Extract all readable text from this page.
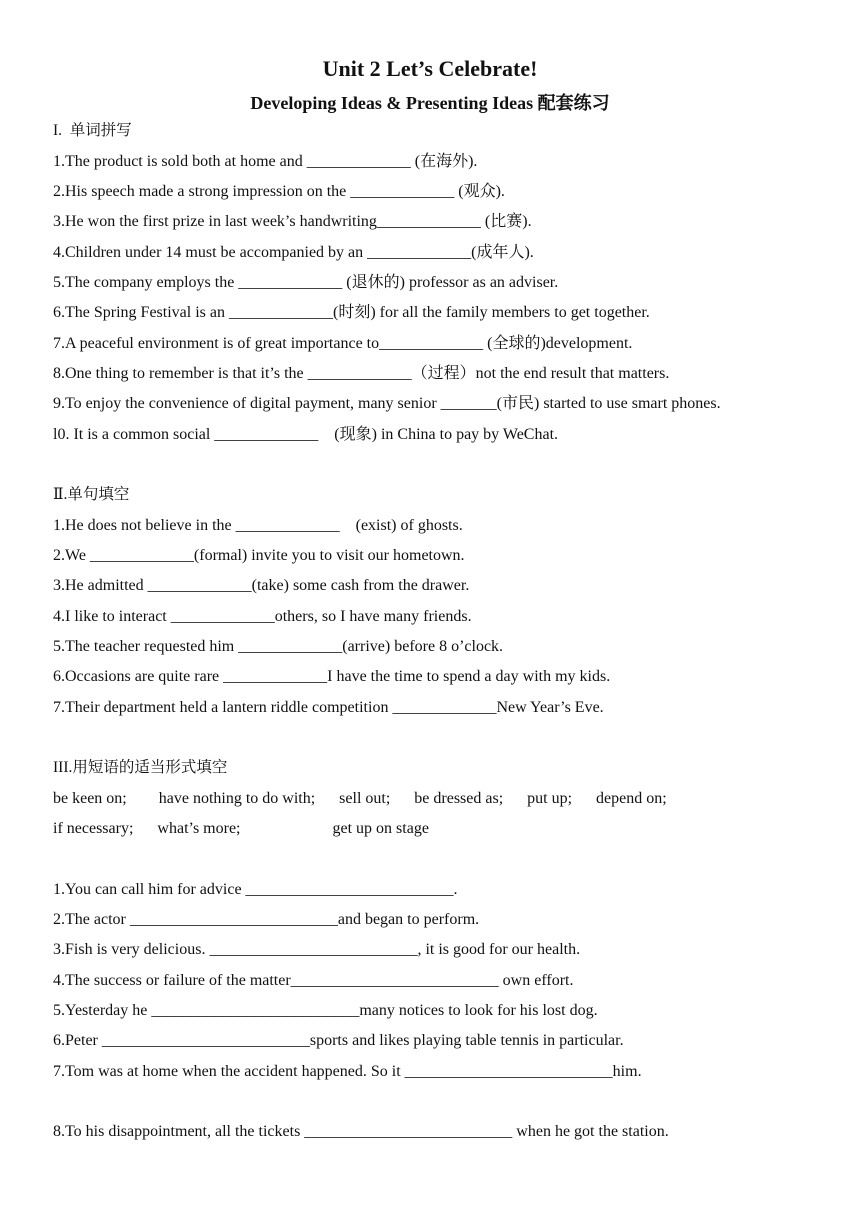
Unit 2 Let’s Celebrate!
Developing Ideas & Presenting Ideas 配套练习
I.  单词拼写
1.The product is sold both at home and _____________ (在海外).
2.His speech made a strong impression on the _____________ (观众).
3.He won the first prize in last week’s handwriting_____________ (比赛).
4.Children under 14 must be accompanied by an _____________(成年人).
5.The company employs the _____________ (退休的) professor as an adviser.
6.The Spring Festival is an _____________(时刻) for all the family members to get together.
7.A peaceful environment is of great importance to_____________ (全球的)development.
8.One thing to remember is that it’s the _____________（过程）not the end result that matters.
9.To enjoy the convenience of digital payment, many senior _______(市民) started to use smart phones.
l0. It is a common social _____________    (现象) in China to pay by WeChat.
Ⅱ.单句填空
1.He does not believe in the _____________    (exist) of ghosts.
2.We _____________(formal) invite you to visit our hometown.
3.He admitted _____________(take) some cash from the drawer.
4.I like to interact _____________others, so I have many friends.
5.The teacher requested him _____________(arrive) before 8 o’clock.
6.Occasions are quite rare _____________I have the time to spend a day with my kids.
7.Their department held a lantern riddle competition _____________New Year’s Eve.
III.用短语的适当形式填空
be keen on;        have nothing to do with;      sell out;      be dressed as;      put up;      depend on;
if necessary;      what’s more;                       get up on stage
1.You can call him for advice __________________________.
2.The actor __________________________and began to perform.
3.Fish is very delicious. __________________________, it is good for our health.
4.The success or failure of the matter__________________________ own effort.
5.Yesterday he __________________________many notices to look for his lost dog.
6.Peter __________________________sports and likes playing table tennis in particular.
7.Tom was at home when the accident happened. So it __________________________him.
8.To his disappointment, all the tickets __________________________ when he got the station.
